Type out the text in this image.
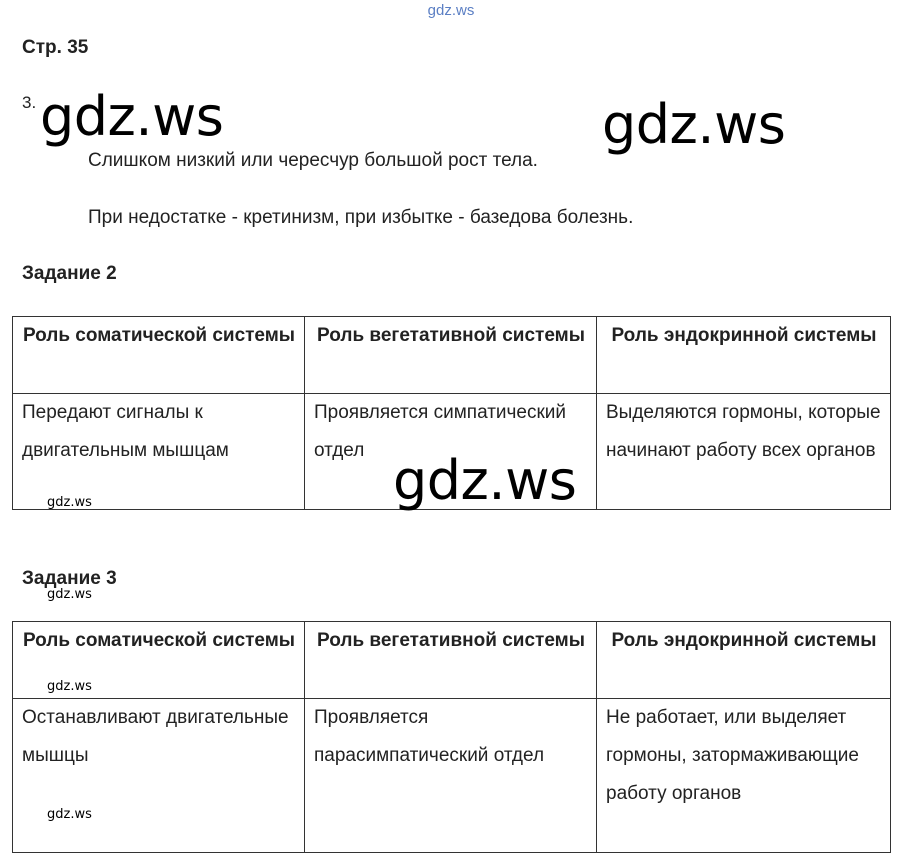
gdz.ws
Стр. 35
3.
Слишком низкий или чересчур большой рост тела.
При недостатке - кретинизм, при избытке - базедова болезнь.
Задание 2
Роль соматической системы	Роль вегетативной системы	Роль эндокринной системы
Передают сигналы к двигательным мышцам	Проявляется симпатический отдел	Выделяются гормоны, которые начинают работу всех органов
Задание 3
Роль соматической системы	Роль вегетативной системы	Роль эндокринной системы
Останавливают двигательные мышцы	Проявляется парасимпатический отдел	Не работает, или выделяет гормоны, затормаживающие работу органов
gdz.ws	gdz.ws
gdz.ws
gdz.ws
gdz.ws
gdz.ws
gdz.ws
